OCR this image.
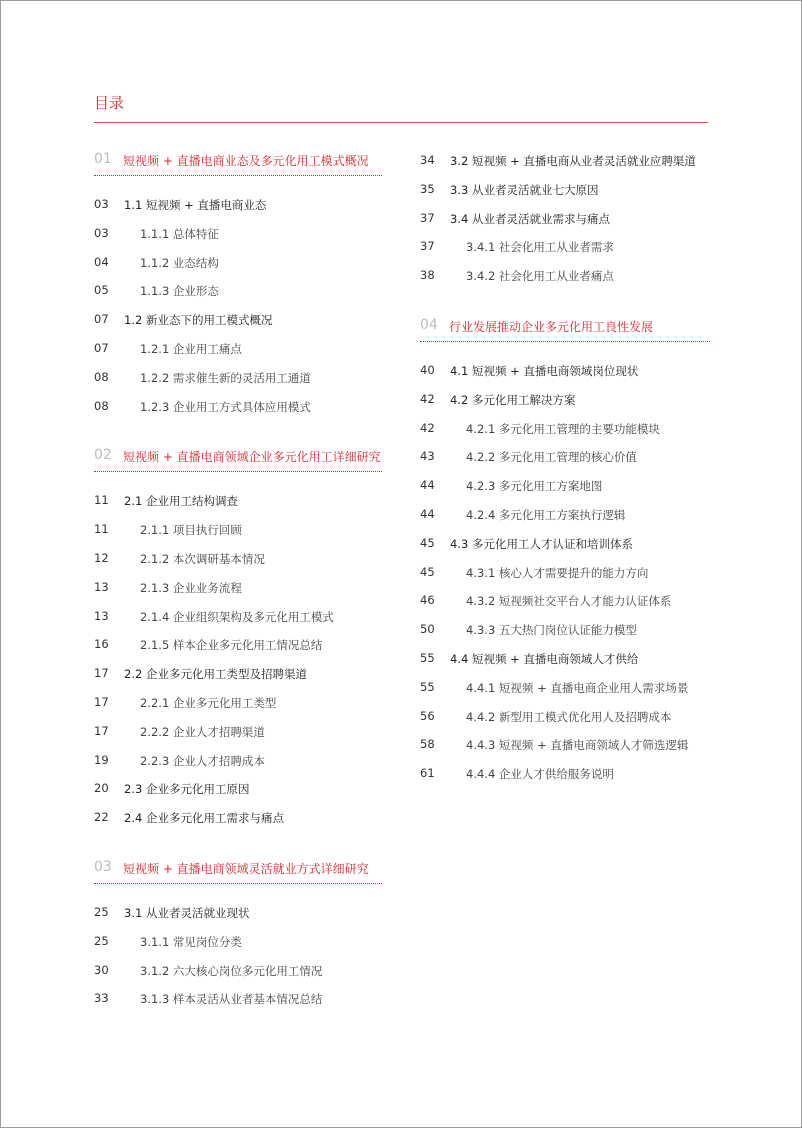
目录
01 短视频 + 直播电商业态及多元化用工模式概况
03 1.1 短视频 + 直播电商业态
03	1.1.1 总体特征
04	1.1.2 业态结构
05	1.1.3 企业形态
07 1.2 新业态下的用工模式概况
07	1.2.1 企业用工痛点
08	1.2.2 需求催生新的灵活用工通道
08	1.2.3 企业用工方式具体应用模式
02 短视频 + 直播电商领域企业多元化用工详细研究
11 2.1 企业用工结构调查
11	2.1.1 项目执行回顾
12	2.1.2 本次调研基本情况
13	2.1.3 企业业务流程
13	2.1.4 企业组织架构及多元化用工模式
16	2.1.5 样本企业多元化用工情况总结
17 2.2 企业多元化用工类型及招聘渠道
17	2.2.1 企业多元化用工类型
17	2.2.2 企业人才招聘渠道
19	2.2.3 企业人才招聘成本
20 2.3 企业多元化用工原因
22 2.4 企业多元化用工需求与痛点
03 短视频 + 直播电商领域灵活就业方式详细研究
25 3.1 从业者灵活就业现状
25	3.1.1 常见岗位分类
30	3.1.2 六大核心岗位多元化用工情况
33	3.1.3 样本灵活从业者基本情况总结
34 3.2 短视频 + 直播电商从业者灵活就业应聘渠道
35 3.3 从业者灵活就业七大原因
37 3.4 从业者灵活就业需求与痛点
37	3.4.1 社会化用工从业者需求
38	3.4.2 社会化用工从业者痛点
04 行业发展推动企业多元化用工良性发展
40 4.1 短视频 + 直播电商领域岗位现状
42 4.2 多元化用工解决方案
42	4.2.1 多元化用工管理的主要功能模块
43	4.2.2 多元化用工管理的核心价值
44	4.2.3 多元化用工方案地图
44	4.2.4 多元化用工方案执行逻辑
45 4.3 多元化用工人才认证和培训体系
45	4.3.1 核心人才需要提升的能力方向
46	4.3.2 短视频社交平台人才能力认证体系
50	4.3.3 五大热门岗位认证能力模型
55 4.4 短视频 + 直播电商领域人才供给
55	4.4.1 短视频 + 直播电商企业用人需求场景
56	4.4.2 新型用工模式优化用人及招聘成本
58	4.4.3 短视频 + 直播电商领域人才筛选逻辑
61	4.4.4 企业人才供给服务说明
